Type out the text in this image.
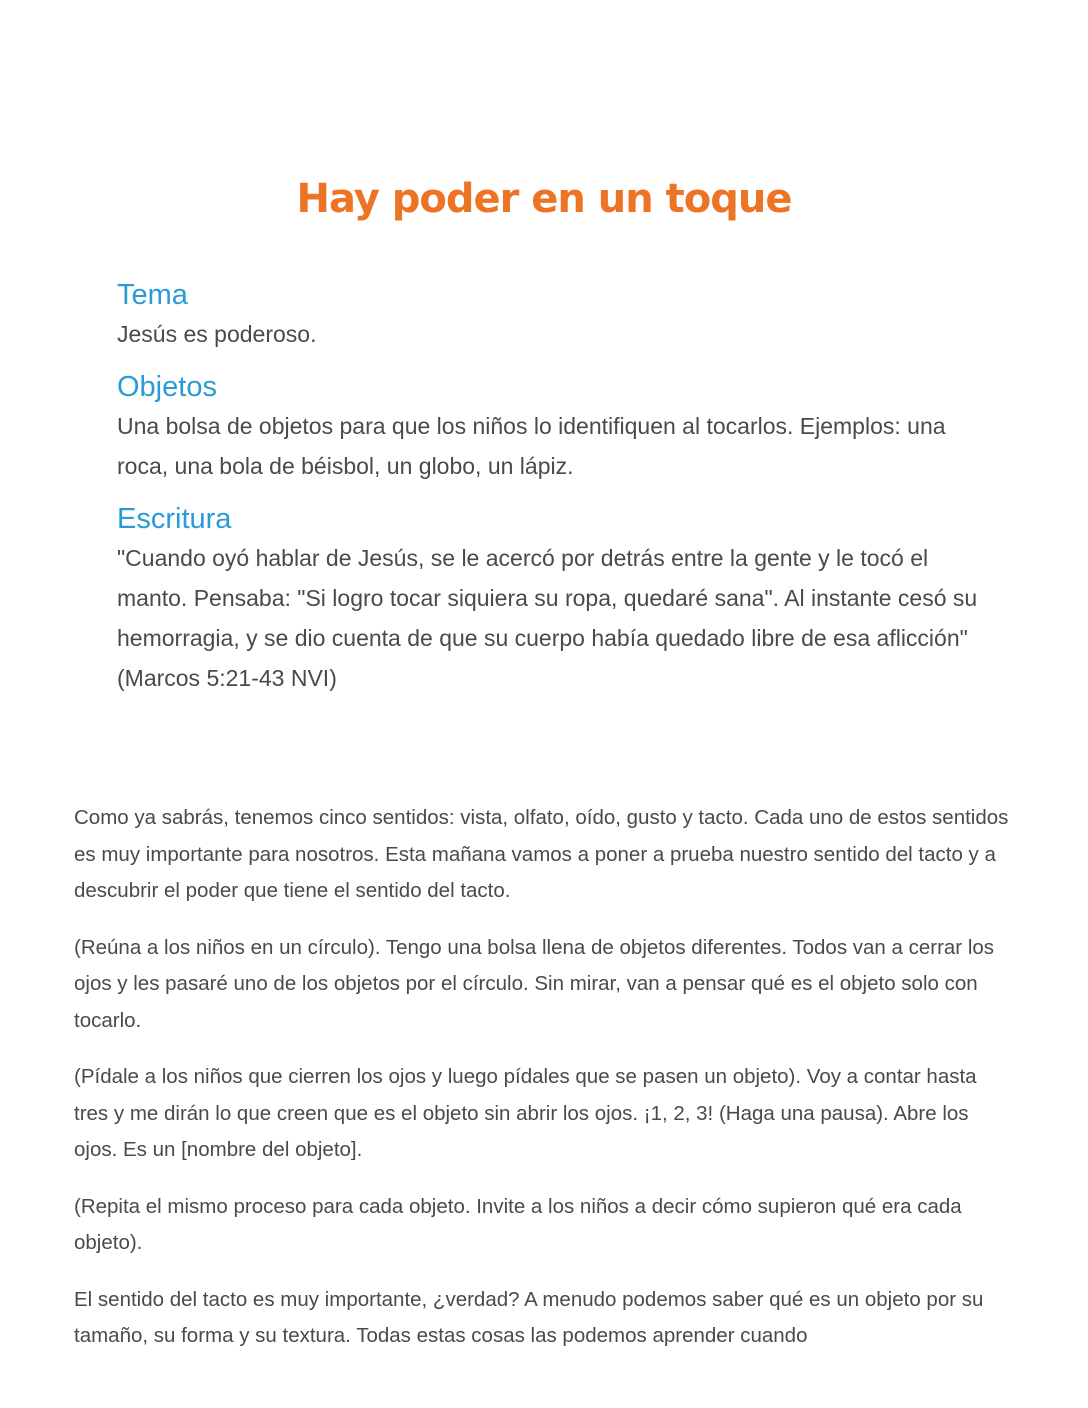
Hay poder en un toque
Tema

Jesús es poderoso.

Objetos

Una bolsa de objetos para que los niños lo identifiquen al tocarlos. Ejemplos: una roca, una bola de béisbol, un globo, un lápiz.

Escritura

"Cuando oyó hablar de Jesús, se le acercó por detrás entre la gente y le tocó el manto. Pensaba: "Si logro tocar siquiera su ropa, quedaré sana". Al instante cesó su hemorragia, y se dio cuenta de que su cuerpo había quedado libre de esa aflicción" (Marcos 5:21-43 NVI)

Como ya sabrás, tenemos cinco sentidos: vista, olfato, oído, gusto y tacto. Cada uno de estos sentidos es muy importante para nosotros. Esta mañana vamos a poner a prueba nuestro sentido del tacto y a descubrir el poder que tiene el sentido del tacto.

(Reúna a los niños en un círculo). Tengo una bolsa llena de objetos diferentes. Todos van a cerrar los ojos y les pasaré uno de los objetos por el círculo. Sin mirar, van a pensar qué es el objeto solo con tocarlo.

(Pídale a los niños que cierren los ojos y luego pídales que se pasen un objeto). Voy a contar hasta tres y me dirán lo que creen que es el objeto sin abrir los ojos. ¡1, 2, 3! (Haga una pausa). Abre los ojos. Es un [nombre del objeto].

(Repita el mismo proceso para cada objeto. Invite a los niños a decir cómo supieron qué era cada objeto).

El sentido del tacto es muy importante, ¿verdad? A menudo podemos saber qué es un objeto por su tamaño, su forma y su textura. Todas estas cosas las podemos aprender cuando
